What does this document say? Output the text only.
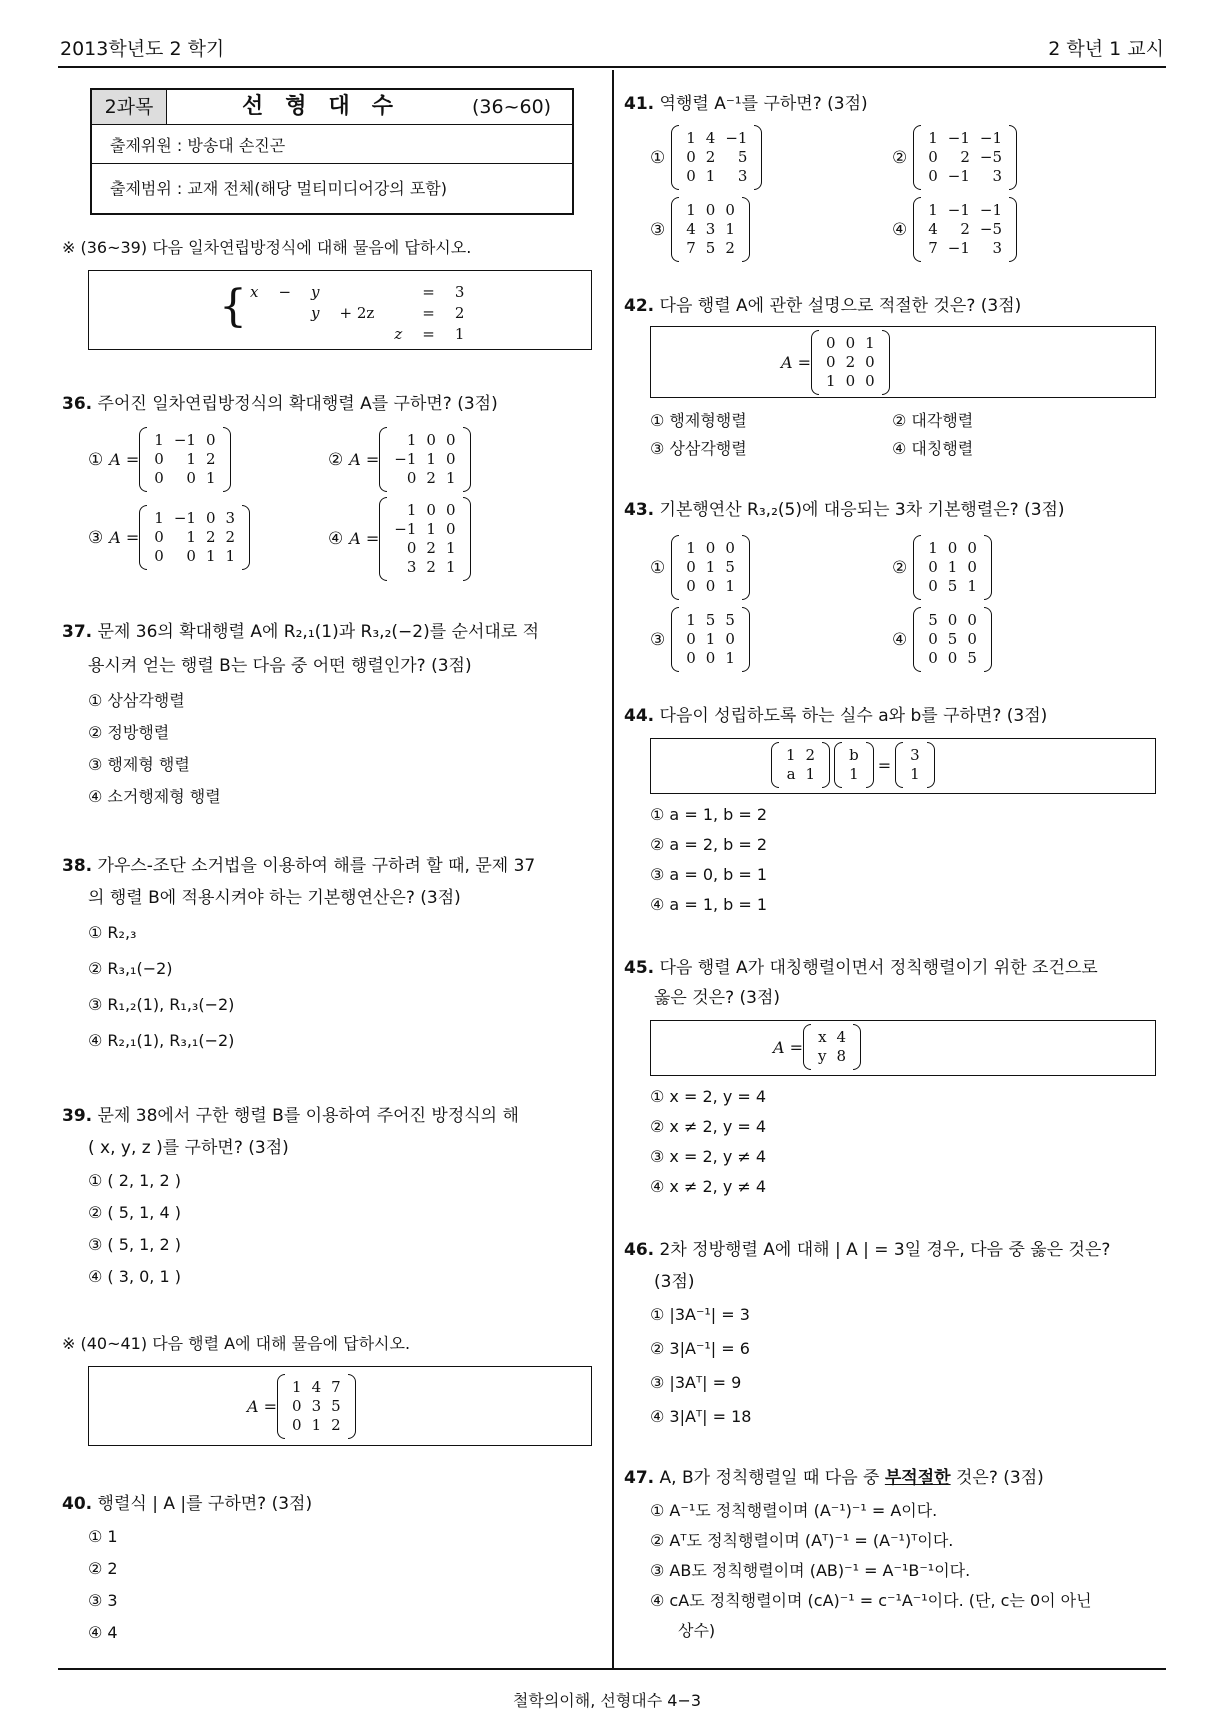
2013학년도 2 학기	2 학년 1 교시
2과목	선형대수	(36~60)
출제위원 : 방송대 손진곤
출제범위 : 교재 전체(해당 멀티미디어강의 포함)
※ (36~39) 다음 일차연립방정식에 대해 물음에 답하시오.
{ x	−	y			=	3
		y	+ 2z		=	2
				z	=	1
36. 주어진 일차연립방정식의 확대행렬 A를 구하면? (3점)
37. 문제 36의 확대행렬 A에 R₂,₁(1)과 R₃,₂(−2)를 순서대로 적
용시켜 얻는 행렬 B는 다음 중 어떤 행렬인가? (3점)
38. 가우스-조단 소거법을 이용하여 해를 구하려 할 때, 문제 37
의 행렬 B에 적용시켜야 하는 기본행연산은? (3점)
39. 문제 38에서 구한 행렬 B를 이용하여 주어진 방정식의 해
( x, y, z )를 구하면? (3점)
※ (40~41) 다음 행렬 A에 대해 물음에 답하시오.
A =
1	4	7
0	3	5
0	1	2
40. 행렬식 | A |를 구하면? (3점)
41. 역행렬 A⁻¹를 구하면? (3점)
42. 다음 행렬 A에 관한 설명으로 적절한 것은? (3점)
A =
0	0	1
0	2	0
1	0	0
43. 기본행연산 R₃,₂(5)에 대응되는 3차 기본행렬은? (3점)
44. 다음이 성립하도록 하는 실수 a와 b를 구하면? (3점)
1	2
a	1
b
1 =
3
1
45. 다음 행렬 A가 대칭행렬이면서 정칙행렬이기 위한 조건으로
옳은 것은? (3점)
A =
x	4
y	8
46. 2차 정방행렬 A에 대해 | A | = 3일 경우, 다음 중 옳은 것은?
(3점)
47. A, B가 정칙행렬일 때 다음 중 부적절한 것은? (3점)
철학의이해, 선형대수 4−3
① A =
1	−1	0
0	1	2
0	0	1
② A =
1	0	0
−1	1	0
0	2	1
③ A =
1	−1	0	3
0	1	2	2
0	0	1	1
④ A =
1	0	0
−1	1	0
0	2	1
3	2	1
① 상삼각행렬
② 정방행렬
③ 행제형 행렬
④ 소거행제형 행렬
① R₂,₃
② R₃,₁(−2)
③ R₁,₂(1), R₁,₃(−2)
④ R₂,₁(1), R₃,₁(−2)
① ( 2, 1, 2 )
② ( 5, 1, 4 )
③ ( 5, 1, 2 )
④ ( 3, 0, 1 )
① 1
② 2
③ 3
④ 4
①
1	4	−1
0	2	5
0	1	3
②
1	−1	−1
0	2	−5
0	−1	3
③
1	0	0
4	3	1
7	5	2
④
1	−1	−1
4	2	−5
7	−1	3
① 행제형행렬	② 대각행렬
③ 상삼각행렬	④ 대칭행렬
①
1	0	0
0	1	5
0	0	1
②
1	0	0
0	1	0
0	5	1
③
1	5	5
0	1	0
0	0	1
④
5	0	0
0	5	0
0	0	5
① a = 1, b = 2
② a = 2, b = 2
③ a = 0, b = 1
④ a = 1, b = 1
① x = 2, y = 4
② x ≠ 2, y = 4
③ x = 2, y ≠ 4
④ x ≠ 2, y ≠ 4
① |3A⁻¹| = 3
② 3|A⁻¹| = 6
③ |3Aᵀ| = 9
④ 3|Aᵀ| = 18
① A⁻¹도 정칙행렬이며 (A⁻¹)⁻¹ = A이다.
② Aᵀ도 정칙행렬이며 (Aᵀ)⁻¹ = (A⁻¹)ᵀ이다.
③ AB도 정칙행렬이며 (AB)⁻¹ = A⁻¹B⁻¹이다.
④ cA도 정칙행렬이며 (cA)⁻¹ = c⁻¹A⁻¹이다. (단, c는 0이 아닌
상수)
